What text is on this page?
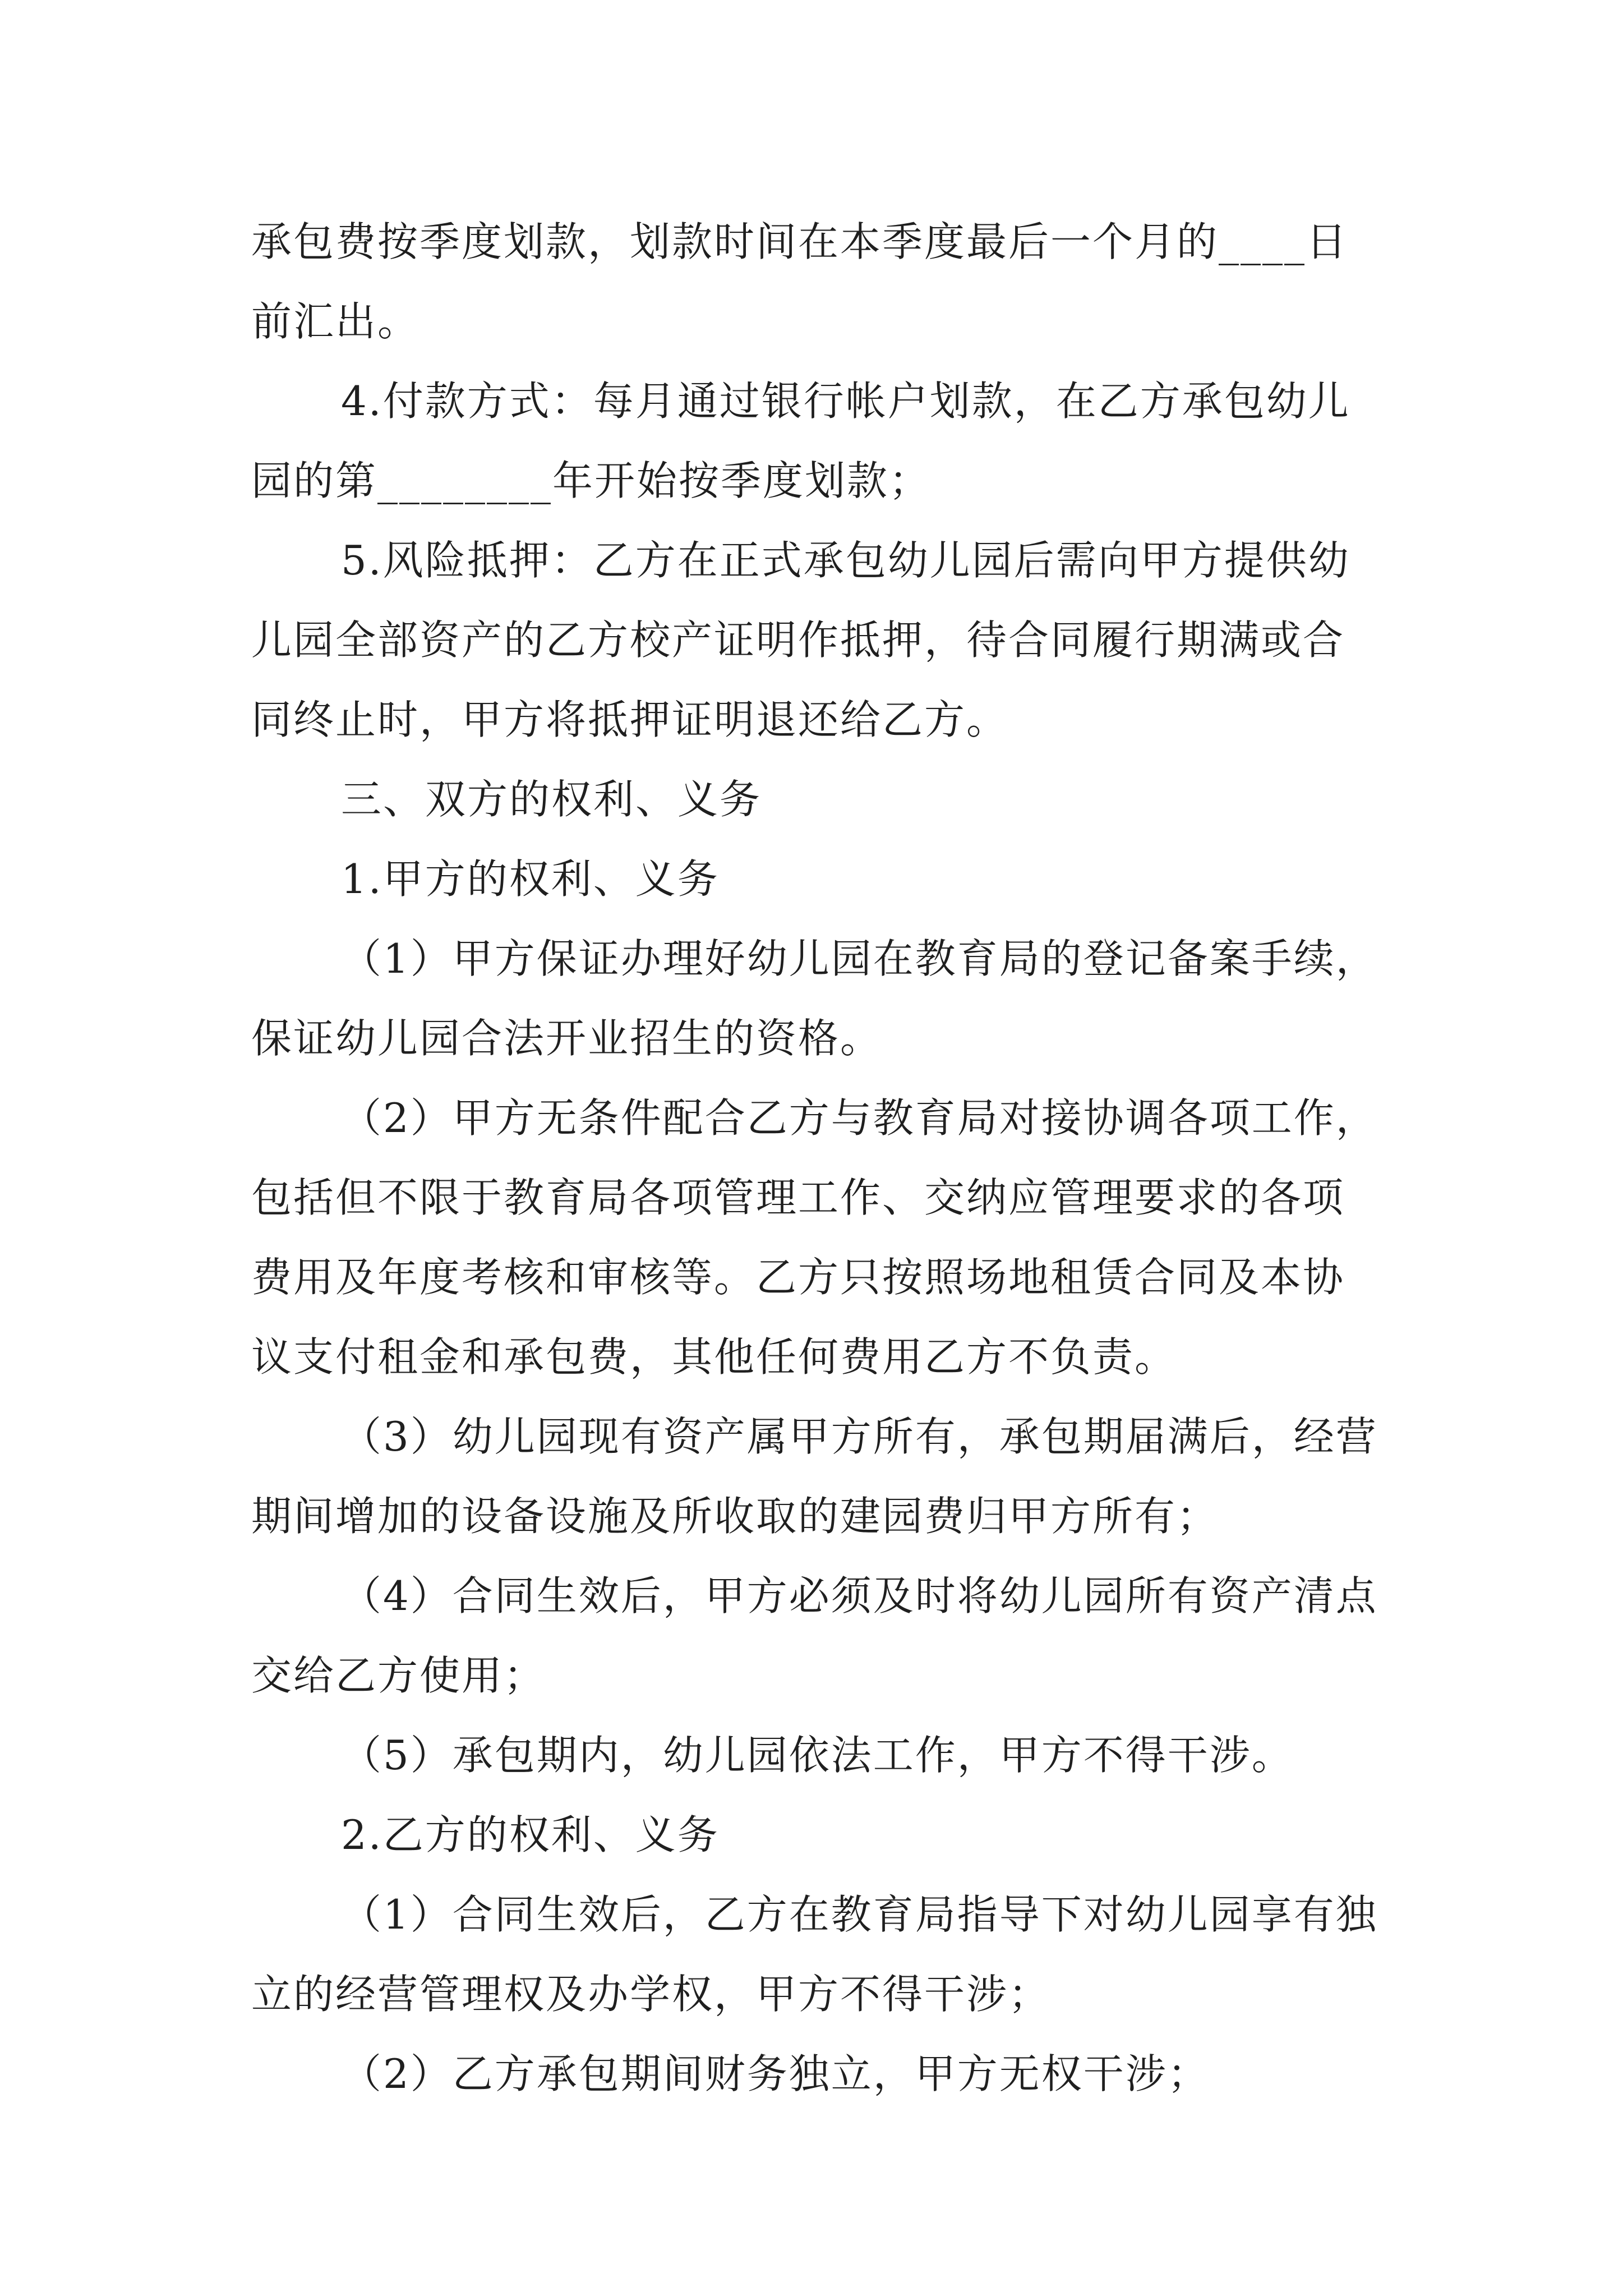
承包费按季度划款，划款时间在本季度最后一个月的____日前汇出。

4.付款方式：每月通过银行帐户划款，在乙方承包幼儿园的第________年开始按季度划款；

5.风险抵押：乙方在正式承包幼儿园后需向甲方提供幼儿园全部资产的乙方校产证明作抵押，待合同履行期满或合同终止时，甲方将抵押证明退还给乙方。

三、双方的权利、义务

1.甲方的权利、义务

（1）甲方保证办理好幼儿园在教育局的登记备案手续，保证幼儿园合法开业招生的资格。

（2）甲方无条件配合乙方与教育局对接协调各项工作，包括但不限于教育局各项管理工作、交纳应管理要求的各项费用及年度考核和审核等。乙方只按照场地租赁合同及本协议支付租金和承包费，其他任何费用乙方不负责。

（3）幼儿园现有资产属甲方所有，承包期届满后，经营期间增加的设备设施及所收取的建园费归甲方所有；

（4）合同生效后，甲方必须及时将幼儿园所有资产清点交给乙方使用；

（5）承包期内，幼儿园依法工作，甲方不得干涉。

2.乙方的权利、义务

（1）合同生效后，乙方在教育局指导下对幼儿园享有独立的经营管理权及办学权，甲方不得干涉；

（2）乙方承包期间财务独立，甲方无权干涉；
